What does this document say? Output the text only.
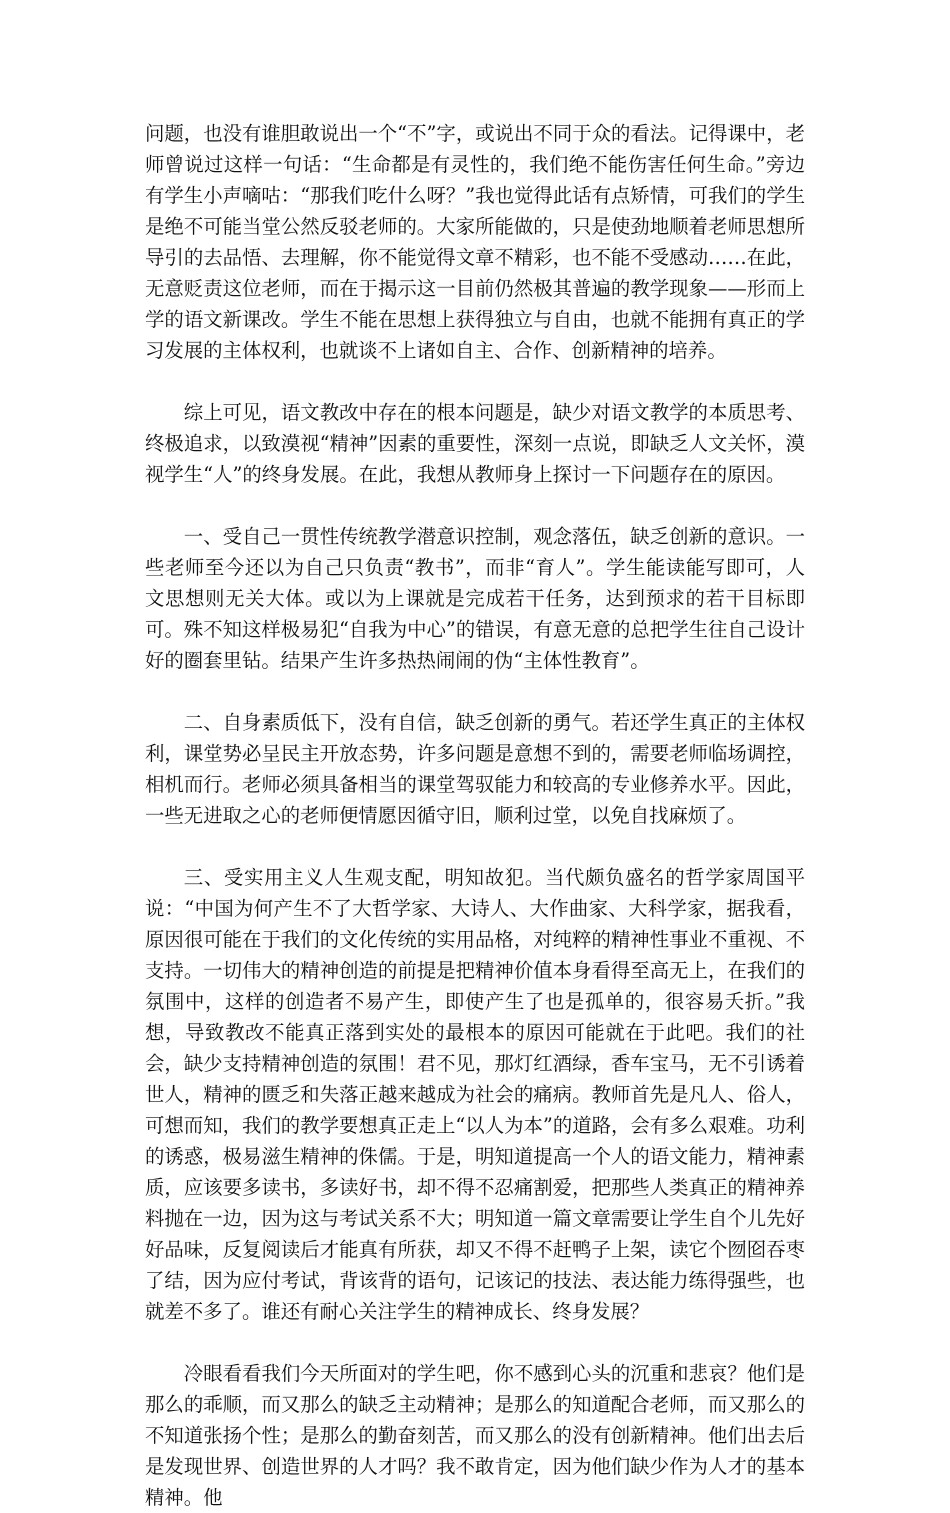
问题，也没有谁胆敢说出一个“不”字，或说出不同于众的看法。记得课中，老师曾说过这样一句话：“生命都是有灵性的，我们绝不能伤害任何生命。”旁边有学生小声嘀咕：“那我们吃什么呀？”我也觉得此话有点矫情，可我们的学生是绝不可能当堂公然反驳老师的。大家所能做的，只是使劲地顺着老师思想所导引的去品悟、去理解，你不能觉得文章不精彩，也不能不受感动……在此，无意贬责这位老师，而在于揭示这一目前仍然极其普遍的教学现象——形而上学的语文新课改。学生不能在思想上获得独立与自由，也就不能拥有真正的学习发展的主体权利，也就谈不上诸如自主、合作、创新精神的培养。

综上可见，语文教改中存在的根本问题是，缺少对语文教学的本质思考、终极追求，以致漠视“精神”因素的重要性，深刻一点说，即缺乏人文关怀，漠视学生“人”的终身发展。在此，我想从教师身上探讨一下问题存在的原因。

一、受自己一贯性传统教学潜意识控制，观念落伍，缺乏创新的意识。一些老师至今还以为自己只负责“教书”，而非“育人”。学生能读能写即可，人文思想则无关大体。或以为上课就是完成若干任务，达到预求的若干目标即可。殊不知这样极易犯“自我为中心”的错误，有意无意的总把学生往自己设计好的圈套里钻。结果产生许多热热闹闹的伪“主体性教育”。

二、自身素质低下，没有自信，缺乏创新的勇气。若还学生真正的主体权利，课堂势必呈民主开放态势，许多问题是意想不到的，需要老师临场调控，相机而行。老师必须具备相当的课堂驾驭能力和较高的专业修养水平。因此，一些无进取之心的老师便情愿因循守旧，顺利过堂，以免自找麻烦了。

三、受实用主义人生观支配，明知故犯。当代颇负盛名的哲学家周国平说：“中国为何产生不了大哲学家、大诗人、大作曲家、大科学家，据我看，原因很可能在于我们的文化传统的实用品格，对纯粹的精神性事业不重视、不支持。一切伟大的精神创造的前提是把精神价值本身看得至高无上，在我们的氛围中，这样的创造者不易产生，即使产生了也是孤单的，很容易夭折。”我想，导致教改不能真正落到实处的最根本的原因可能就在于此吧。我们的社会，缺少支持精神创造的氛围！君不见，那灯红酒绿，香车宝马，无不引诱着世人，精神的匮乏和失落正越来越成为社会的痛病。教师首先是凡人、俗人，可想而知，我们的教学要想真正走上“以人为本”的道路，会有多么艰难。功利的诱惑，极易滋生精神的侏儒。于是，明知道提高一个人的语文能力，精神素质，应该要多读书，多读好书，却不得不忍痛割爱，把那些人类真正的精神养料抛在一边，因为这与考试关系不大；明知道一篇文章需要让学生自个儿先好好品味，反复阅读后才能真有所获，却又不得不赶鸭子上架，读它个囫囵吞枣了结，因为应付考试，背该背的语句，记该记的技法、表达能力练得强些，也就差不多了。谁还有耐心关注学生的精神成长、终身发展？

冷眼看看我们今天所面对的学生吧，你不感到心头的沉重和悲哀？他们是那么的乖顺，而又那么的缺乏主动精神；是那么的知道配合老师，而又那么的不知道张扬个性；是那么的勤奋刻苦，而又那么的没有创新精神。他们出去后是发现世界、创造世界的人才吗？我不敢肯定，因为他们缺少作为人才的基本精神。他
